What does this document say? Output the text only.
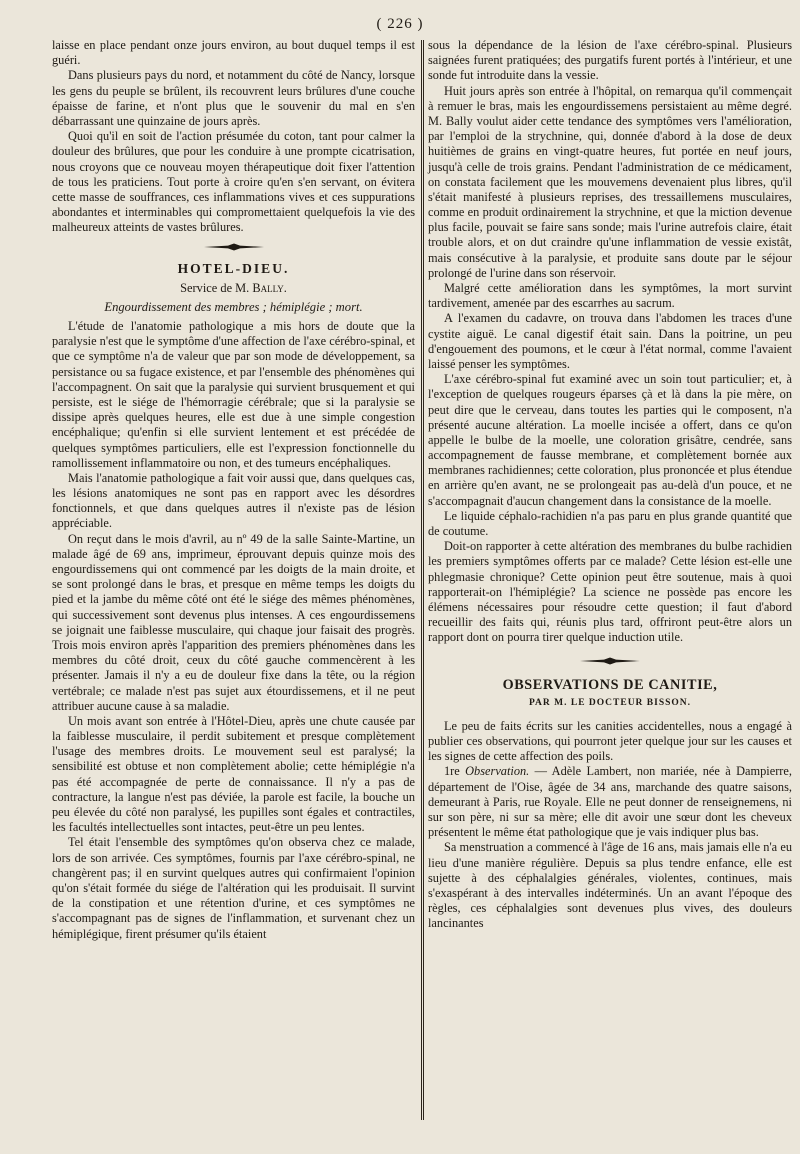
( 226 )

laisse en place pendant onze jours environ, au bout duquel temps il est guéri.

Dans plusieurs pays du nord, et notamment du côté de Nancy, lorsque les gens du peuple se brûlent, ils recouvrent leurs brûlures d'une couche épaisse de farine, et n'ont plus que le souvenir du mal en s'en débarrassant une quinzaine de jours après.

Quoi qu'il en soit de l'action présumée du coton, tant pour calmer la douleur des brûlures, que pour les conduire à une prompte cicatrisation, nous croyons que ce nouveau moyen thérapeutique doit fixer l'attention de tous les praticiens. Tout porte à croire qu'en s'en servant, on évitera cette masse de souffrances, ces inflammations vives et ces suppurations abondantes et interminables qui compromettaient quelquefois la vie des malheureux atteints de vastes brûlures.

HOTEL-DIEU.
Service de M. Bally.
Engourdissement des membres ; hémiplégie ; mort.

L'étude de l'anatomie pathologique a mis hors de doute que la paralysie n'est que le symptôme d'une affection de l'axe cérébro-spinal, et que ce symptôme n'a de valeur que par son mode de développement, sa persistance ou sa fugace existence, et par l'ensemble des phénomènes qui l'accompagnent. On sait que la paralysie qui survient brusquement et qui persiste, est le siége de l'hémorragie cérébrale; que si la paralysie se dissipe après quelques heures, elle est due à une simple congestion encéphalique; qu'enfin si elle survient lentement et est précédée de quelques symptômes particuliers, elle est l'expression fonctionnelle du ramollissement inflammatoire ou non, et des tumeurs encéphaliques.

Mais l'anatomie pathologique a fait voir aussi que, dans quelques cas, les lésions anatomiques ne sont pas en rapport avec les désordres fonctionnels, et que dans quelques autres il n'existe pas de lésion appréciable.

On reçut dans le mois d'avril, au nº 49 de la salle Sainte-Martine, un malade âgé de 69 ans, imprimeur, éprouvant depuis quinze mois des engourdissemens qui ont commencé par les doigts de la main droite, et se sont prolongé dans le bras, et presque en même temps les doigts du pied et la jambe du même côté ont été le siége des mêmes phénomènes, qui successivement sont devenus plus intenses. A ces engourdissemens se joignait une faiblesse musculaire, qui chaque jour faisait des progrès. Trois mois environ après l'apparition des premiers phénomènes dans les membres du côté droit, ceux du côté gauche commencèrent à les présenter. Jamais il n'y a eu de douleur fixe dans la tête, ou la région vertébrale; ce malade n'est pas sujet aux étourdissemens, et il ne peut attribuer aucune cause à sa maladie.

Un mois avant son entrée à l'Hôtel-Dieu, après une chute causée par la faiblesse musculaire, il perdit subitement et presque complètement l'usage des membres droits. Le mouvement seul est paralysé; la sensibilité est obtuse et non complètement abolie; cette hémiplégie n'a pas été accompagnée de perte de connaissance. Il n'y a pas de contracture, la langue n'est pas déviée, la parole est facile, la bouche un peu élevée du côté non paralysé, les pupilles sont égales et contractiles, les facultés intellectuelles sont intactes, peut-être un peu lentes.

Tel était l'ensemble des symptômes qu'on observa chez ce malade, lors de son arrivée. Ces symptômes, fournis par l'axe cérébro-spinal, ne changèrent pas; il en survint quelques autres qui confirmaient l'opinion qu'on s'était formée du siége de l'altération qui les produisait. Il survint de la constipation et une rétention d'urine, et ces symptômes ne s'accompagnant pas de signes de l'inflammation, et survenant chez un hémiplégique, firent présumer qu'ils étaient

sous la dépendance de la lésion de l'axe cérébro-spinal. Plusieurs saignées furent pratiquées; des purgatifs furent portés à l'intérieur, et une sonde fut introduite dans la vessie.

Huit jours après son entrée à l'hôpital, on remarqua qu'il commençait à remuer le bras, mais les engourdissemens persistaient au même degré. M. Bally voulut aider cette tendance des symptômes vers l'amélioration, par l'emploi de la strychnine, qui, donnée d'abord à la dose de deux huitièmes de grains en vingt-quatre heures, fut portée en neuf jours, jusqu'à celle de trois grains. Pendant l'administration de ce médicament, on constata facilement que les mouvemens devenaient plus libres, qu'il s'était manifesté à plusieurs reprises, des tressaillemens musculaires, comme en produit ordinairement la strychnine, et que la miction devenue plus facile, pouvait se faire sans sonde; mais l'urine autrefois claire, était trouble alors, et on dut craindre qu'une inflammation de vessie existât, mais consécutive à la paralysie, et produite sans doute par le séjour prolongé de l'urine dans son réservoir.

Malgré cette amélioration dans les symptômes, la mort survint tardivement, amenée par des escarrhes au sacrum.

A l'examen du cadavre, on trouva dans l'abdomen les traces d'une cystite aiguë. Le canal digestif était sain. Dans la poitrine, un peu d'engouement des poumons, et le cœur à l'état normal, comme l'avaient laissé penser les symptômes.

L'axe cérébro-spinal fut examiné avec un soin tout particulier; et, à l'exception de quelques rougeurs éparses çà et là dans la pie mère, on peut dire que le cerveau, dans toutes les parties qui le composent, n'a présenté aucune altération. La moelle incisée a offert, dans ce qu'on appelle le bulbe de la moelle, une coloration grisâtre, cendrée, sans accompagnement de fausse membrane, et complètement bornée aux membranes rachidiennes; cette coloration, plus prononcée et plus étendue en arrière qu'en avant, ne se prolongeait pas au-delà d'un pouce, et ne s'accompagnait d'aucun changement dans la consistance de la moelle.

Le liquide céphalo-rachidien n'a pas paru en plus grande quantité que de coutume.

Doit-on rapporter à cette altération des membranes du bulbe rachidien les premiers symptômes offerts par ce malade? Cette lésion est-elle une phlegmasie chronique? Cette opinion peut être soutenue, mais à quoi rapporterait-on l'hémiplégie? La science ne possède pas encore les élémens nécessaires pour résoudre cette question; il faut d'abord recueillir des faits qui, réunis plus tard, offriront peut-être alors un rapport dont on pourra tirer quelque induction utile.

OBSERVATIONS DE CANITIE,
PAR M. LE DOCTEUR BISSON.

Le peu de faits écrits sur les canities accidentelles, nous a engagé à publier ces observations, qui pourront jeter quelque jour sur les causes et les signes de cette affection des poils.

1re Observation. — Adèle Lambert, non mariée, née à Dampierre, département de l'Oise, âgée de 34 ans, marchande des quatre saisons, demeurant à Paris, rue Royale. Elle ne peut donner de renseignemens, ni sur son père, ni sur sa mère; elle dit avoir une sœur dont les cheveux présentent le même état pathologique que je vais indiquer plus bas.

Sa menstruation a commencé à l'âge de 16 ans, mais jamais elle n'a eu lieu d'une manière régulière. Depuis sa plus tendre enfance, elle est sujette à des céphalalgies générales, violentes, continues, mais s'exaspérant à des intervalles indéterminés. Un an avant l'époque des règles, ces céphalalgies sont devenues plus vives, des douleurs lancinantes
